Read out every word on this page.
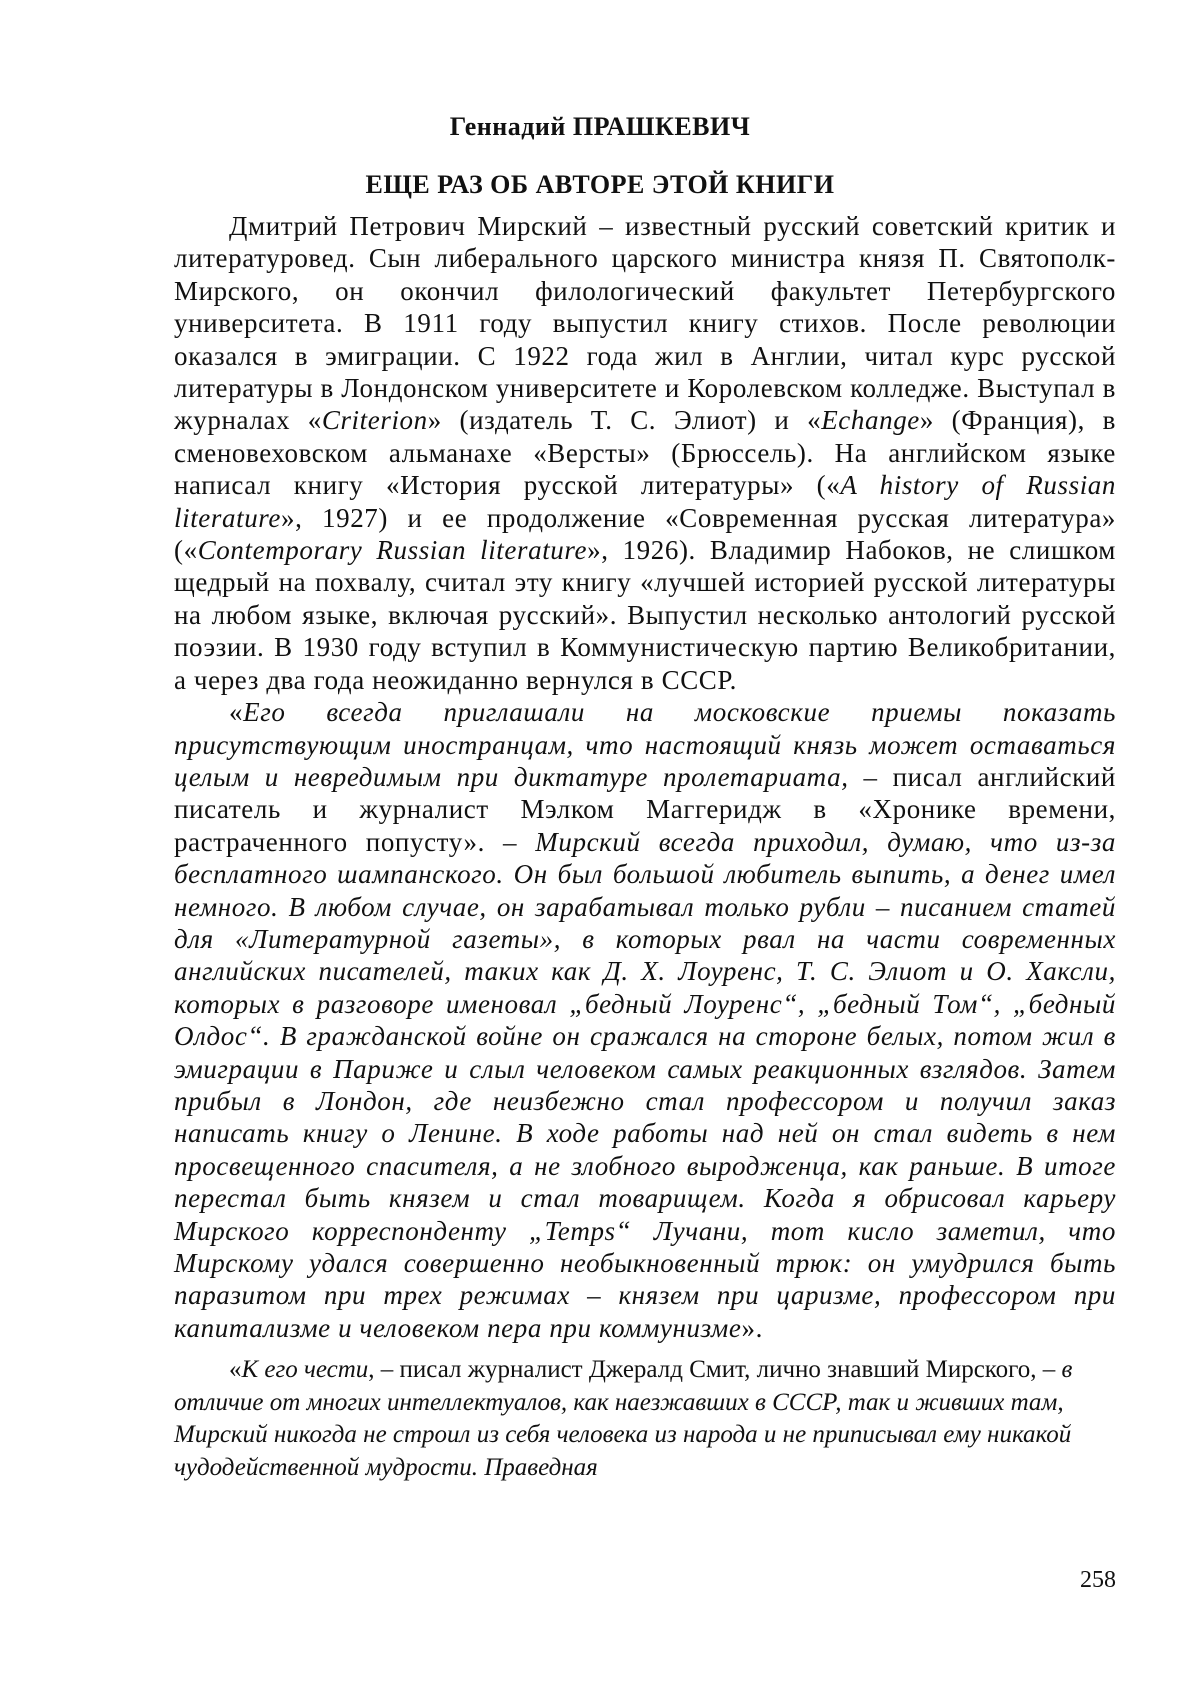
Геннадий ПРАШКЕВИЧ
ЕЩЕ РАЗ ОБ АВТОРЕ ЭТОЙ КНИГИ

Дмитрий Петрович Мирский – известный русский советский критик и литературовед. Сын либерального царского министра князя П. Святополк-Мирского, он окончил филологический факультет Петербургского университета. В 1911 году выпустил книгу стихов. После революции оказался в эмиграции. С 1922 года жил в Англии, читал курс русской литературы в Лондонском университете и Королевском колледже. Выступал в журналах «Criterion» (издатель Т. С. Элиот) и «Echange» (Франция), в сменовеховском альманахе «Версты» (Брюссель). На английском языке написал книгу «История русской литературы» («A history of Russian literature», 1927) и ее продолжение «Современная русская литература» («Contemporary Russian literature», 1926). Владимир Набоков, не слишком щедрый на похвалу, считал эту книгу «лучшей историей русской литературы на любом языке, включая русский». Выпустил несколько антологий русской поэзии. В 1930 году вступил в Коммунистическую партию Великобритании, а через два года неожиданно вернулся в СССР.

«Его всегда приглашали на московские приемы показать присутствующим иностранцам, что настоящий князь может оставаться целым и невредимым при диктатуре пролетариата, – писал английский писатель и журналист Мэлком Маггеридж в «Хронике времени, растраченного попусту». – Мирский всегда приходил, думаю, что из-за бесплатного шампанского. Он был большой любитель выпить, а денег имел немного. В любом случае, он зарабатывал только рубли – писанием статей для «Литературной газеты», в которых рвал на части современных английских писателей, таких как Д. Х. Лоуренс, Т. С. Элиот и О. Хаксли, которых в разговоре именовал „бедный Лоуренс“, „бедный Том“, „бедный Олдос“. В гражданской войне он сражался на стороне белых, потом жил в эмиграции в Париже и слыл человеком самых реакционных взглядов. Затем прибыл в Лондон, где неизбежно стал профессором и получил заказ написать книгу о Ленине. В ходе работы над ней он стал видеть в нем просвещенного спасителя, а не злобного выродженца, как раньше. В итоге перестал быть князем и стал товарищем. Когда я обрисовал карьеру Мирского корреспонденту „Temps“ Лучани, тот кисло заметил, что Мирскому удался совершенно необыкновенный трюк: он умудрился быть паразитом при трех режимах – князем при царизме, профессором при капитализме и человеком пера при коммунизме».

«К его чести, – писал журналист Джералд Смит, лично знавший Мирского, – в отличие от многих интеллектуалов, как наезжавших в СССР, так и живших там, Мирский никогда не строил из себя человека из народа и не приписывал ему никакой чудодейственной мудрости. Праведная

258
